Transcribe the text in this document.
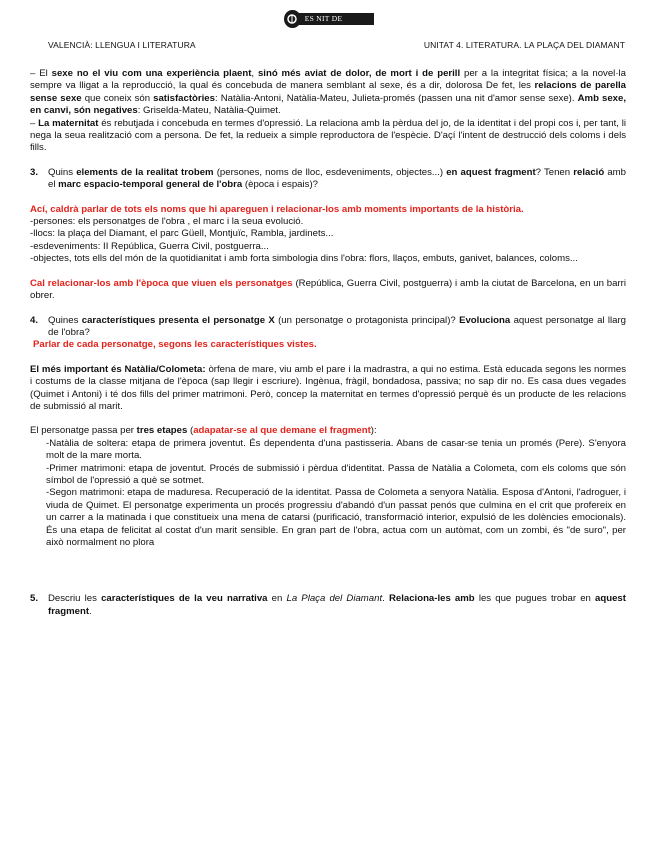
ES NIT DE L'ALBA
VALENCIÀ: LLENGUA I LITERATURA	UNITAT 4. LITERATURA. LA PLAÇA DEL DIAMANT

– El sexe no el viu com una experiència plaent, sinó més aviat de dolor, de mort i de perill per a la integritat física; a la novel·la sempre va lligat a la reproducció, la qual és concebuda de manera semblant al sexe, és a dir, dolorosa De fet, les relacions de parella sense sexe que coneix són satisfactòries: Natàlia-Antoni, Natàlia-Mateu, Julieta-promés (passen una nit d'amor sense sexe). Amb sexe, en canvi, són negatives: Griselda-Mateu, Natàlia-Quimet.

– La maternitat és rebutjada i concebuda en termes d'opressió. La relaciona amb la pèrdua del jo, de la identitat i del propi cos i, per tant, li nega la seua realització com a persona. De fet, la redueix a simple reproductora de l'espècie. D'açí l'intent de destrucció dels coloms i dels fills.

3.	Quins elements de la realitat trobem (persones, noms de lloc, esdeveniments, objectes...) en aquest fragment? Tenen relació amb el marc espacio-temporal general de l'obra (època i espais)?

Ací, caldrà parlar de tots els noms que hi apareguen i relacionar-los amb moments importants de la història.

-persones: els personatges de l'obra , el marc i la seua evolució.

-llocs: la plaça del Diamant, el parc Güell, Montjuïc, Rambla, jardinets...

-esdeveniments: II República, Guerra Civil, postguerra...

-objectes, tots ells del món de la quotidianitat i amb forta simbologia dins l'obra: flors, llaços, embuts, ganivet, balances, coloms...

Cal relacionar-los amb l'època que viuen els personatges (República, Guerra Civil, postguerra) i amb la ciutat de Barcelona, en un barri obrer.

4.	Quines característiques presenta el personatge X (un personatge o protagonista principal)? Evoluciona aquest personatge al llarg de l'obra?

Parlar de cada personatge, segons les característiques vistes.

El més important és Natàlia/Colometa: òrfena de mare, viu amb el pare i la madrastra, a qui no estima. Està educada segons les normes i costums de la classe mitjana de l'època (sap llegir i escriure). Ingènua, fràgil, bondadosa, passiva; no sap dir no. Es casa dues vegades (Quimet i Antoni) i té dos fills del primer matrimoni. Però, concep la maternitat en termes d'opressió perquè és un producte de les relacions de submissió al marit.

El personatge passa per tres etapes (adapatar-se al que demane el fragment):

-Natàlia de soltera: etapa de primera joventut. És dependenta d'una pastisseria. Abans de casar-se tenia un promés (Pere). S'enyora molt de la mare morta.

-Primer matrimoni: etapa de joventut. Procés de submissió i pèrdua d'identitat. Passa de Natàlia a Colometa, com els coloms que són símbol de l'opressió a què se sotmet.

-Segon matrimoni: etapa de maduresa. Recuperació de la identitat. Passa de Colometa a senyora Natàlia. Esposa d'Antoni, l'adroguer, i viuda de Quimet. El personatge experimenta un procés progressiu d'abandó d'un passat penós que culmina en el crit que profereix en un carrer a la matinada i que constitueix una mena de catarsi (purificació, transformació interior, expulsió de les dolències emocionals). És una etapa de felicitat al costat d'un marit sensible. En gran part de l'obra, actua com un autòmat, com un zombi, és "de suro", per això normalment no plora

5.	Descriu les característiques de la veu narrativa en La Plaça del Diamant. Relaciona-les amb les que pugues trobar en aquest fragment.
